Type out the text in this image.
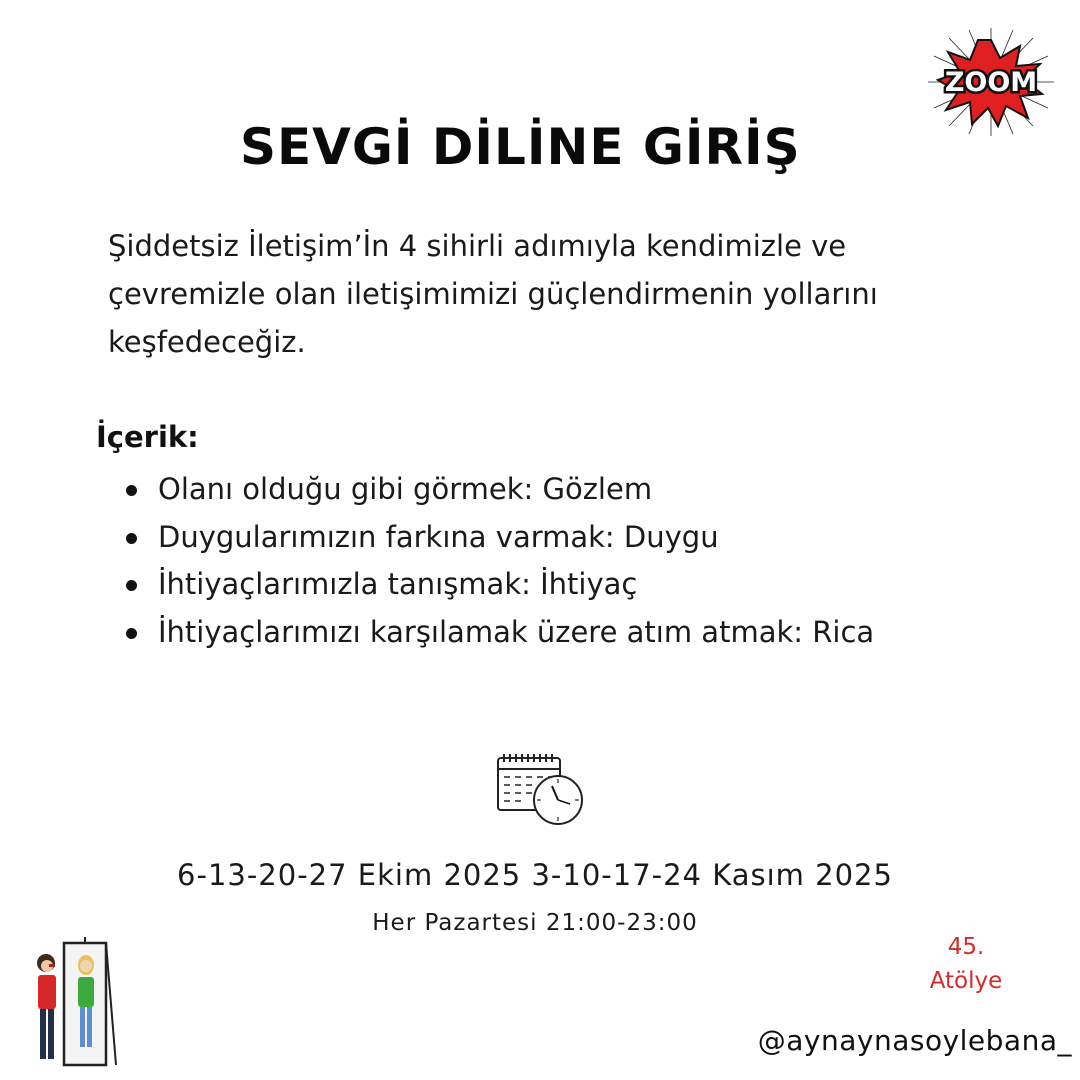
ZOOM
SEVGİ DİLİNE GİRİŞ
Şiddetsiz İletişim’İn 4 sihirli adımıyla kendimizle ve çevremizle olan iletişimimizi güçlendirmenin yollarını keşfedeceğiz.
İçerik:
Olanı olduğu gibi görmek: Gözlem
Duygularımızın farkına varmak: Duygu
İhtiyaçlarımızla tanışmak: İhtiyaç
İhtiyaçlarımızı karşılamak üzere atım atmak: Rica
6-13-20-27 Ekim 2025 3-10-17-24 Kasım 2025
Her Pazartesi 21:00-23:00
45.
Atölye
@aynaynasoylebana_
